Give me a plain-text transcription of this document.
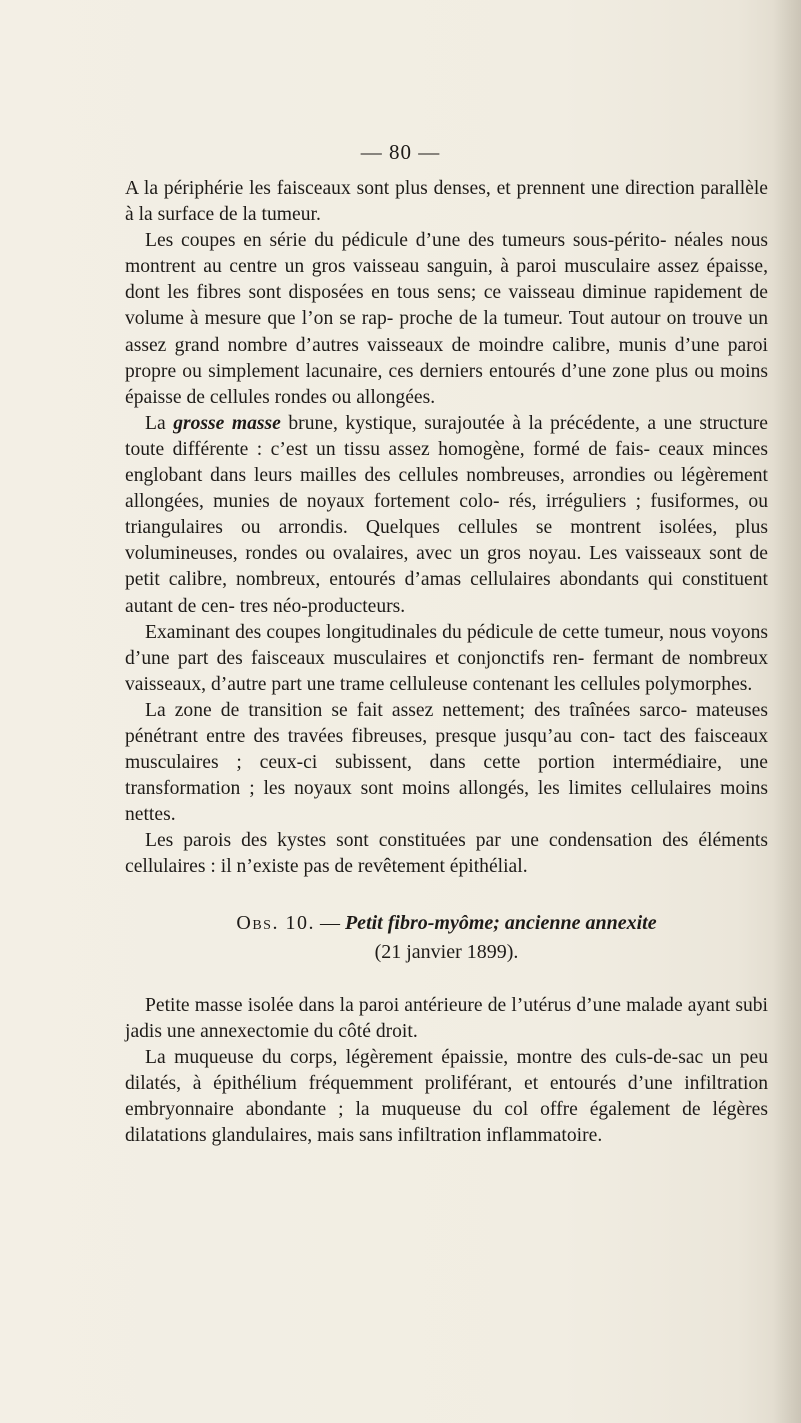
— 80 —

A la périphérie les faisceaux sont plus denses, et prennent une direction parallèle à la surface de la tumeur.

Les coupes en série du pédicule d’une des tumeurs sous-périto- néales nous montrent au centre un gros vaisseau sanguin, à paroi musculaire assez épaisse, dont les fibres sont disposées en tous sens; ce vaisseau diminue rapidement de volume à mesure que l’on se rap- proche de la tumeur. Tout autour on trouve un assez grand nombre d’autres vaisseaux de moindre calibre, munis d’une paroi propre ou simplement lacunaire, ces derniers entourés d’une zone plus ou moins épaisse de cellules rondes ou allongées.

La grosse masse brune, kystique, surajoutée à la précédente, a une structure toute différente : c’est un tissu assez homogène, formé de fais- ceaux minces englobant dans leurs mailles des cellules nombreuses, arrondies ou légèrement allongées, munies de noyaux fortement colo- rés, irréguliers ; fusiformes, ou triangulaires ou arrondis. Quelques cellules se montrent isolées, plus volumineuses, rondes ou ovalaires, avec un gros noyau. Les vaisseaux sont de petit calibre, nombreux, entourés d’amas cellulaires abondants qui constituent autant de cen- tres néo-producteurs.

Examinant des coupes longitudinales du pédicule de cette tumeur, nous voyons d’une part des faisceaux musculaires et conjonctifs ren- fermant de nombreux vaisseaux, d’autre part une trame celluleuse contenant les cellules polymorphes.

La zone de transition se fait assez nettement; des traînées sarco- mateuses pénétrant entre des travées fibreuses, presque jusqu’au con- tact des faisceaux musculaires ; ceux-ci subissent, dans cette portion intermédiaire, une transformation ; les noyaux sont moins allongés, les limites cellulaires moins nettes.

Les parois des kystes sont constituées par une condensation des éléments cellulaires : il n’existe pas de revêtement épithélial.

Obs. 10. — Petit fibro-myôme; ancienne annexite
(21 janvier 1899).

Petite masse isolée dans la paroi antérieure de l’utérus d’une malade ayant subi jadis une annexectomie du côté droit.

La muqueuse du corps, légèrement épaissie, montre des culs-de-sac un peu dilatés, à épithélium fréquemment proliférant, et entourés d’une infiltration embryonnaire abondante ; la muqueuse du col offre également de légères dilatations glandulaires, mais sans infiltration inflammatoire.
